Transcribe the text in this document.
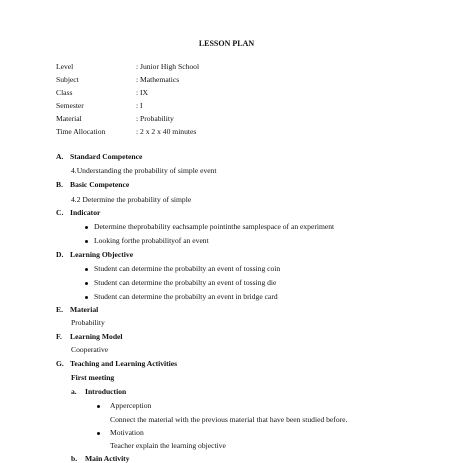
LESSON PLAN
Level	: Junior High School
Subject	: Mathematics
Class	: IX
Semester	: I
Material	: Probability
Time Allocation	: 2 x 2 x 40 minutes
A. Standard Competence
4.Understanding the probability of simple event
B. Basic Competence
4.2 Determine the probability of simple
C. Indicator
Determine theprobability eachsample pointinthe samplespace of an experiment
Looking forthe probabilityof an event
D. Learning Objective
Student can determine the probabilty an event of tossing coin
Student can determine the probabilty an event of tossing die
Student can determine the probabilty an event in bridge card
E. Material
Probability
F. Learning Model
Cooperative
G. Teaching and Learning Activities
First meeting
a. Introduction
Apperception
Connect the material with the previous material that have been studied before.
Motivation
Teacher explain the learning objective
b. Main Activity
